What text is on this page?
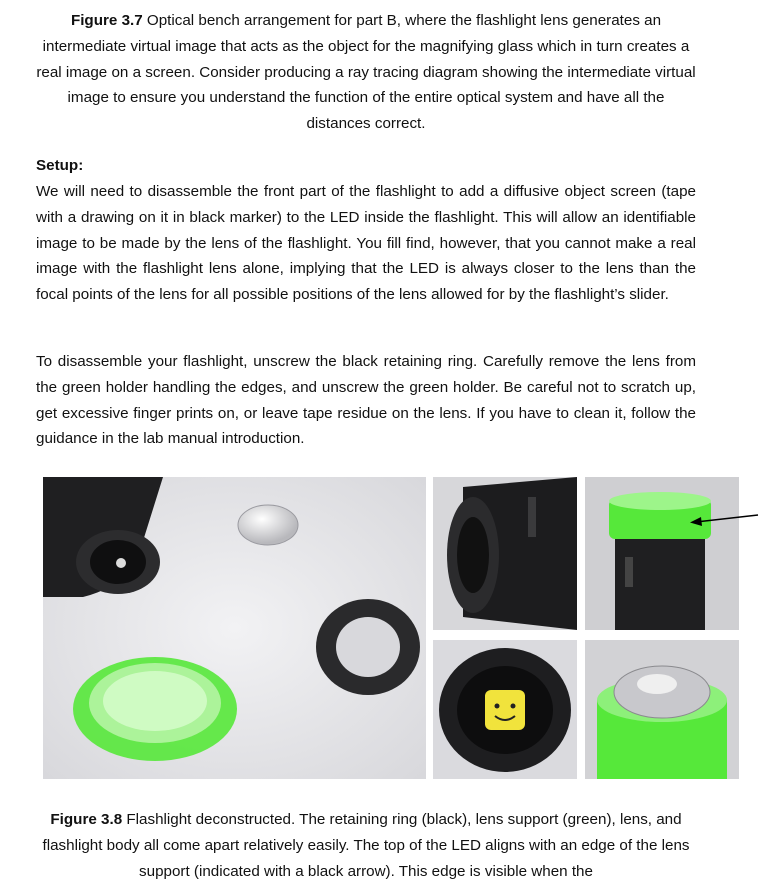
Figure 3.7 Optical bench arrangement for part B, where the flashlight lens generates an intermediate virtual image that acts as the object for the magnifying glass which in turn creates a real image on a screen. Consider producing a ray tracing diagram showing the intermediate virtual image to ensure you understand the function of the entire optical system and have all the distances correct.

Setup:

We will need to disassemble the front part of the flashlight to add a diffusive object screen (tape with a drawing on it in black marker) to the LED inside the flashlight. This will allow an identifiable image to be made by the lens of the flashlight. You fill find, however, that you cannot make a real image with the flashlight lens alone, implying that the LED is always closer to the lens than the focal points of the lens for all possible positions of the lens allowed for by the flashlight’s slider.

To disassemble your flashlight, unscrew the black retaining ring. Carefully remove the lens from the green holder handling the edges, and unscrew the green holder. Be careful not to scratch up, get excessive finger prints on, or leave tape residue on the lens. If you have to clean it, follow the guidance in the lab manual introduction.

Figure 3.8 Flashlight deconstructed. The retaining ring (black), lens support (green), lens, and flashlight body all come apart relatively easily. The top of the LED aligns with an edge of the lens support (indicated with a black arrow). This edge is visible when the
